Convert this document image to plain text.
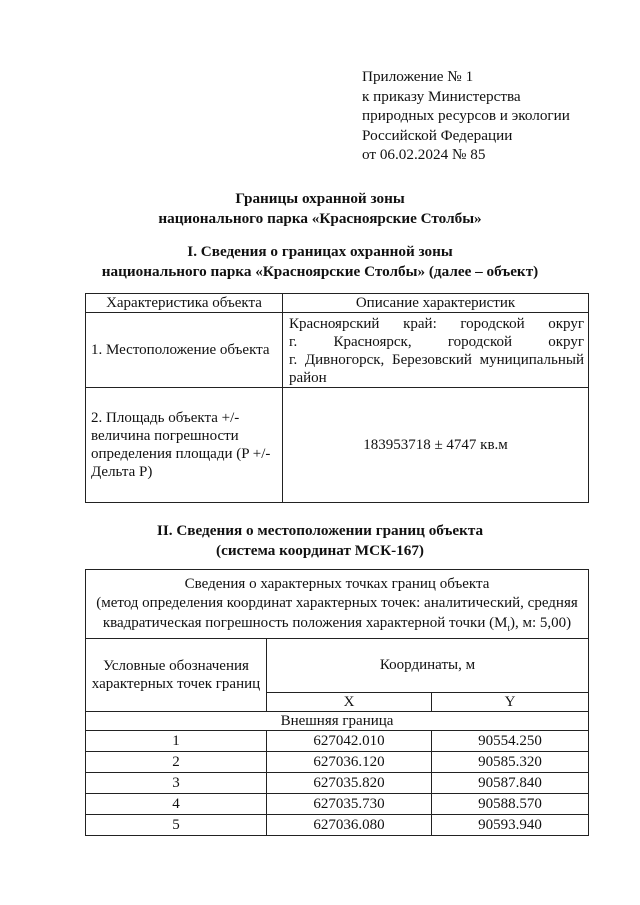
Приложение № 1
к приказу Министерства
природных ресурсов и экологии
Российской Федерации
от 06.02.2024 № 85
Границы охранной зоны
национального парка «Красноярские Столбы»
I. Сведения о границах охранной зоны
национального парка «Красноярские Столбы» (далее – объект)
Характеристика объекта	Описание характеристик
1. Местоположение объекта	Красноярский край: городской округ
г. Красноярск, городской округ
г. Дивногорск, Березовский муниципальный
район

2. Площадь объекта +/- величина погрешности определения площади (P +/- Дельта P)	183953718 ± 4747 кв.м
II. Сведения о местоположении границ объекта
(система координат МСК-167)
Сведения о характерных точках границ объекта
(метод определения координат характерных точек: аналитический, средняя
квадратическая погрешность положения характерной точки $(M_t)$, м: 5,00)		

Условные обозначения характерных точек границ	Координаты, м	
	X	Y
Внешняя граница		
1	627042.010	90554.250
2	627036.120	90585.320
3	627035.820	90587.840
4	627035.730	90588.570
5	627036.080	90593.940
